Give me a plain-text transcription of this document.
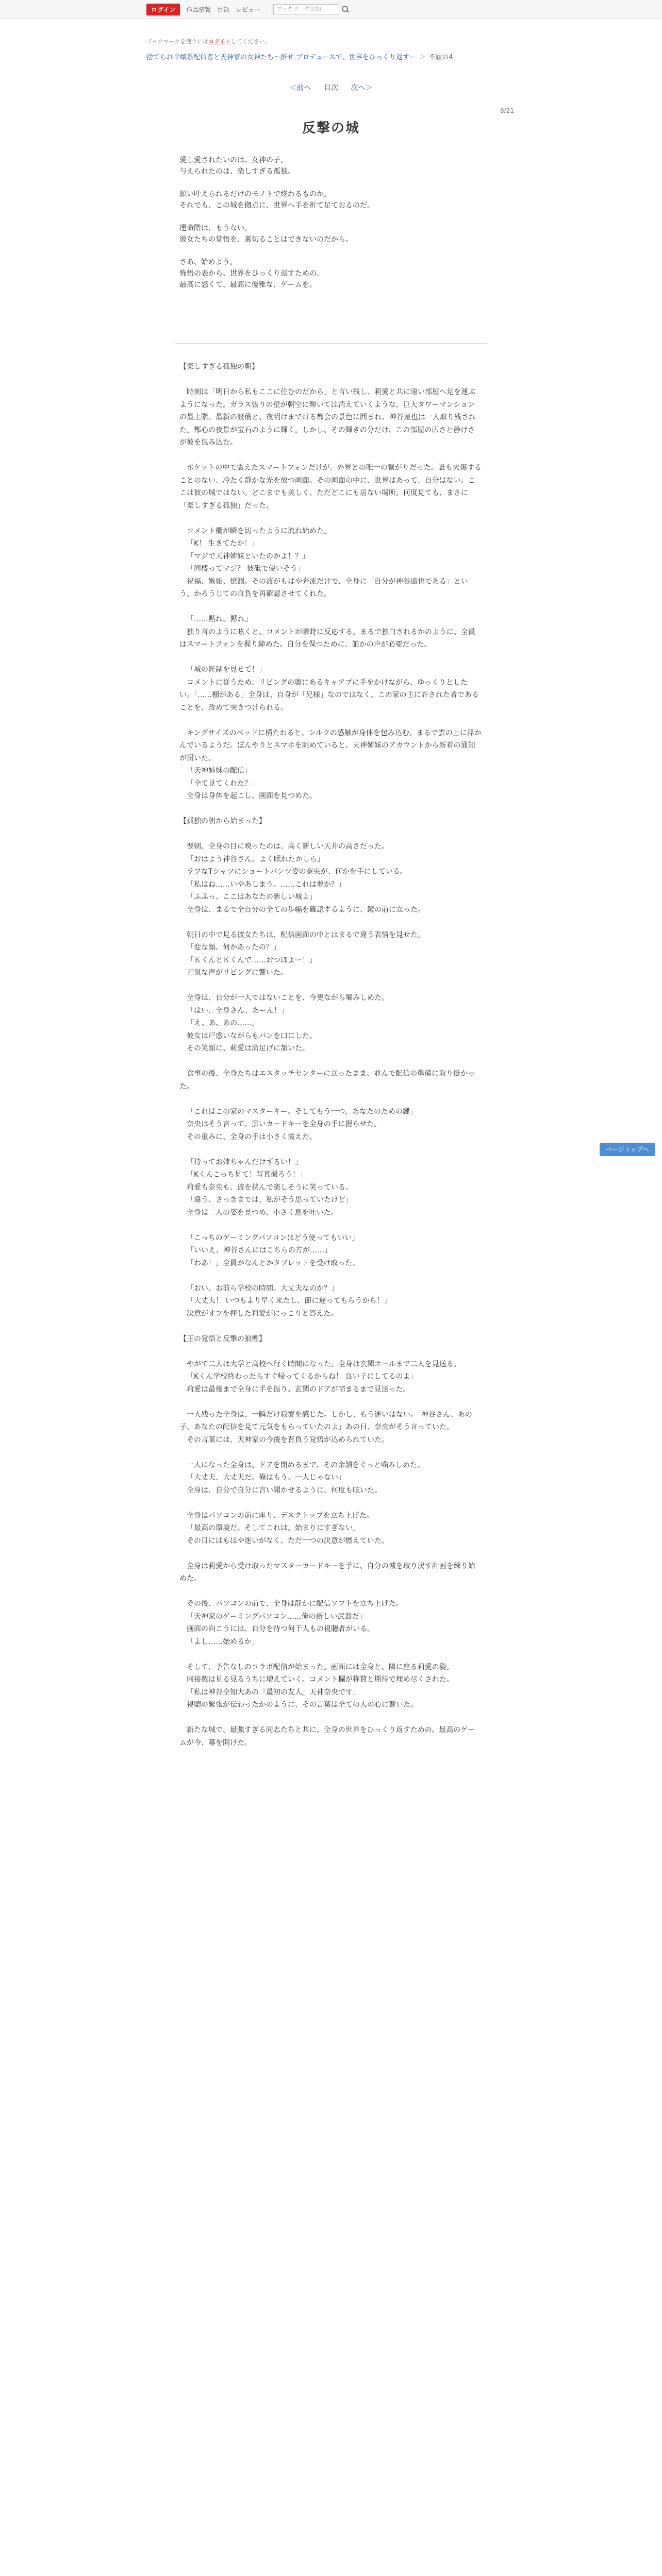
ログイン	作品情報 目次 レビュー	ブックマーク追加
ブックマークを使うにはログインしてください。
捨てられ令嬢系配信者と天神家の女神たち〜推せ プロデュースで、世界をひっくり返すー ＞ 不屈の4
＜前へ 目次 次へ＞
8/21
反撃の城
愛し愛されたいのは、女神の子。
与えられたのは、楽しすぎる孤独。
願い叶えられるだけのモノトで終わるものか。
それでも、この城を拠点に、世界へ手を折て足ておるのだ。
運命階は、もうない。
彼女たちの覚悟を、裏切ることはできないのだから。
さあ、始めよう。
怖悟の表から、世界をひっくり返すための、
最高に怒くて、最高に優雅な、ゲームを。
【楽しすぎる孤独の朝】
時刻は「明日から私もここに住むのだから」と言い残し、莉愛と共に遠い部屋へ足を運ぶようになった。ガラス張りの壁が朝空に輝いては消えていくような、巨大タワーマンションの最上階。最新の設備と、夜明けまで灯る都会の景色に囲まれ、神谷遠也は一人取り残された。都心の夜景が宝石のように輝く。しかし、その輝きの分だけ、この部屋の広さと静けさが彼を包み込む。
ポケットの中で震えたスマートフォンだけが、外界との唯一の繋がりだった。誰も火傷することのない、冷たく静かな光を放つ画面。その画面の中に、世界はあって、自分はない。ここは彼の城ではない。どこまでも美しく、ただどこにも居ない場所。何度見ても、まさに「楽しすぎる孤独」だった。
コメント欄が瞬を切ったように流れ始めた。
「K！ 生きてたか！」
「マジで天神姉妹といたのかよ！？」
「同棲ってマジ？ 彼砥で使いそう」
祝福、嫉妬、憶測。その波がもはや奔流だけで、全身に「自分が神谷遠也である」という、かろうじての自負を再確認させてくれた。
「……黙れ。黙れ」
独り言のように呟くと、コメントが瞬時に反応する。まるで独白されるかのように、全員はスマートフォンを握り締めた。自分を保つために、誰かの声が必要だった。
「城の匠制を見せて！」
コメントに従うため、リビングの奥にあるキャアプに手をかけながら、ゆっくりとしたい。「……棚がある」全身は、自身が「兄様」なのではなく、この家の主に許された者であることを、改めて突きつけられる。
キングサイズのベッドに横たわると、シルクの感触が身体を包み込む。まるで雲の上に浮かんでいるようだ。ぼんやりとスマホを眺めていると、天神姉妹のアカウントから新着の通知が届いた。
「天神姉妹の配信」
「全て見てくれた？」
全身は身体を起こし、画面を見つめた。
【孤独の朝から始まった】
翌朝、全身の目に映ったのは、高く新しい天井の高さだった。
「おはよう神谷さん。よく眠れたかしら」
ラフなTシャツにショートパンツ姿の奈央が、何かを手にしている。
「私はね……いやあしまう。……これは夢か？」
「ふふっ、ここはあなたの新しい城よ」
全身は、まるで全自分の全ての歩幅を確認するように、鏡の前に立った。
朝日の中で見る彼女たちは、配信画面の中とはまるで違う表情を見せた。
「変な顔。何かあったの？」
「ＫくんとＫくんで……おつほよー！」
元気な声がリビングに響いた。
全身は、自分が一人ではないことを、今更ながら噛みしめた。
「はい、全身さん、あーん！」
「え、あ、あの……」
彼女は戸惑いながらもパンを口にした。
その笑顔に、莉愛は満足げに頷いた。
食事の後、全身たちはエスタッチセンターに立ったまま、並んで配信の準備に取り掛かった。
「これはこの家のマスターキー。そしてもう一つ、あなたのための鍵」
奈央はそう言って、黒いカードキーを全身の手に握らせた。
その重みに、全身の手は小さく震えた。
「待ってお姉ちゃんだけずるい！」
「Kくんこっち見て！写真撮ろう！」
莉愛も奈央も、彼を挟んで楽しそうに笑っている。
「違う、さっきまでは、私がそう思っていたけど」
全身は二人の姿を見つめ、小さく息を吐いた。
「こっちのゲーミングパソコンはどう使ってもいい」
「いいえ、神谷さんにはこちらの方が……」
「わあ！」全員がなんとかタブレットを受け取った。
「おい、お前ら学校の時間。大丈夫なのか？」
「大丈夫！ いつもより早く来たし、節に遅ってもらうから！」
決意がオフを押した莉愛がにっこりと答えた。
【王の覚悟と反撃の狼煙】
やがて二人は大学と高校へ行く時間になった。全身は玄関ホールまで二人を見送る。
「Kくん学校終わったらすぐ帰ってくるからね！ 良い子にしてるのよ」
莉愛は最後まで全身に手を振り、玄関のドアが閉まるまで見送った。
一人残った全身は、一瞬だけ寂寥を感じた。しかし、もう迷いはない。「神谷さん、あの子、あなたの配信を見て元気をもらっていたのよ」あの日、奈央がそう言っていた。
その言葉には、天神家の今後を背負う覚悟が込められていた。
一人になった全身は、ドアを閉めるまで、その余韻をぐっと噛みしめた。
「大丈夫、大丈夫だ。俺はもう、一人じゃない」
全身は、自分で自分に言い聞かせるように、何度も呟いた。
全身はパソコンの前に座り、デスクトップを立ち上げた。
「最高の環境だ。そしてこれは、始まりにすぎない」
その目にはもはや迷いがなく、ただ一つの決意が燃えていた。
全身は莉愛から受け取ったマスターカードキーを手に、自分の城を取り戻す計画を練り始めた。
その後、パソコンの前で、全身は静かに配信ソフトを立ち上げた。
「天神家のゲーミングパソコン……俺の新しい武器だ」
画面の向こうには、自分を待つ何千人もの視聴者がいる。
「よし……始めるか」
そして、予告なしのコラボ配信が始まった。画面には全身と、隣に座る莉愛の姿。
同接数は見る見るうちに増えていく。コメント欄が称賛と期待で埋め尽くされた。
「私は神谷全知大あの『最初の友人』天神奈央です」
視聴の緊張が伝わったかのように、その言葉は全ての人の心に響いた。
新たな城で、最強すぎる同志たちと共に、全身の世界をひっくり返すための、最高のゲームが今、幕を開けた。
ページトップへ
